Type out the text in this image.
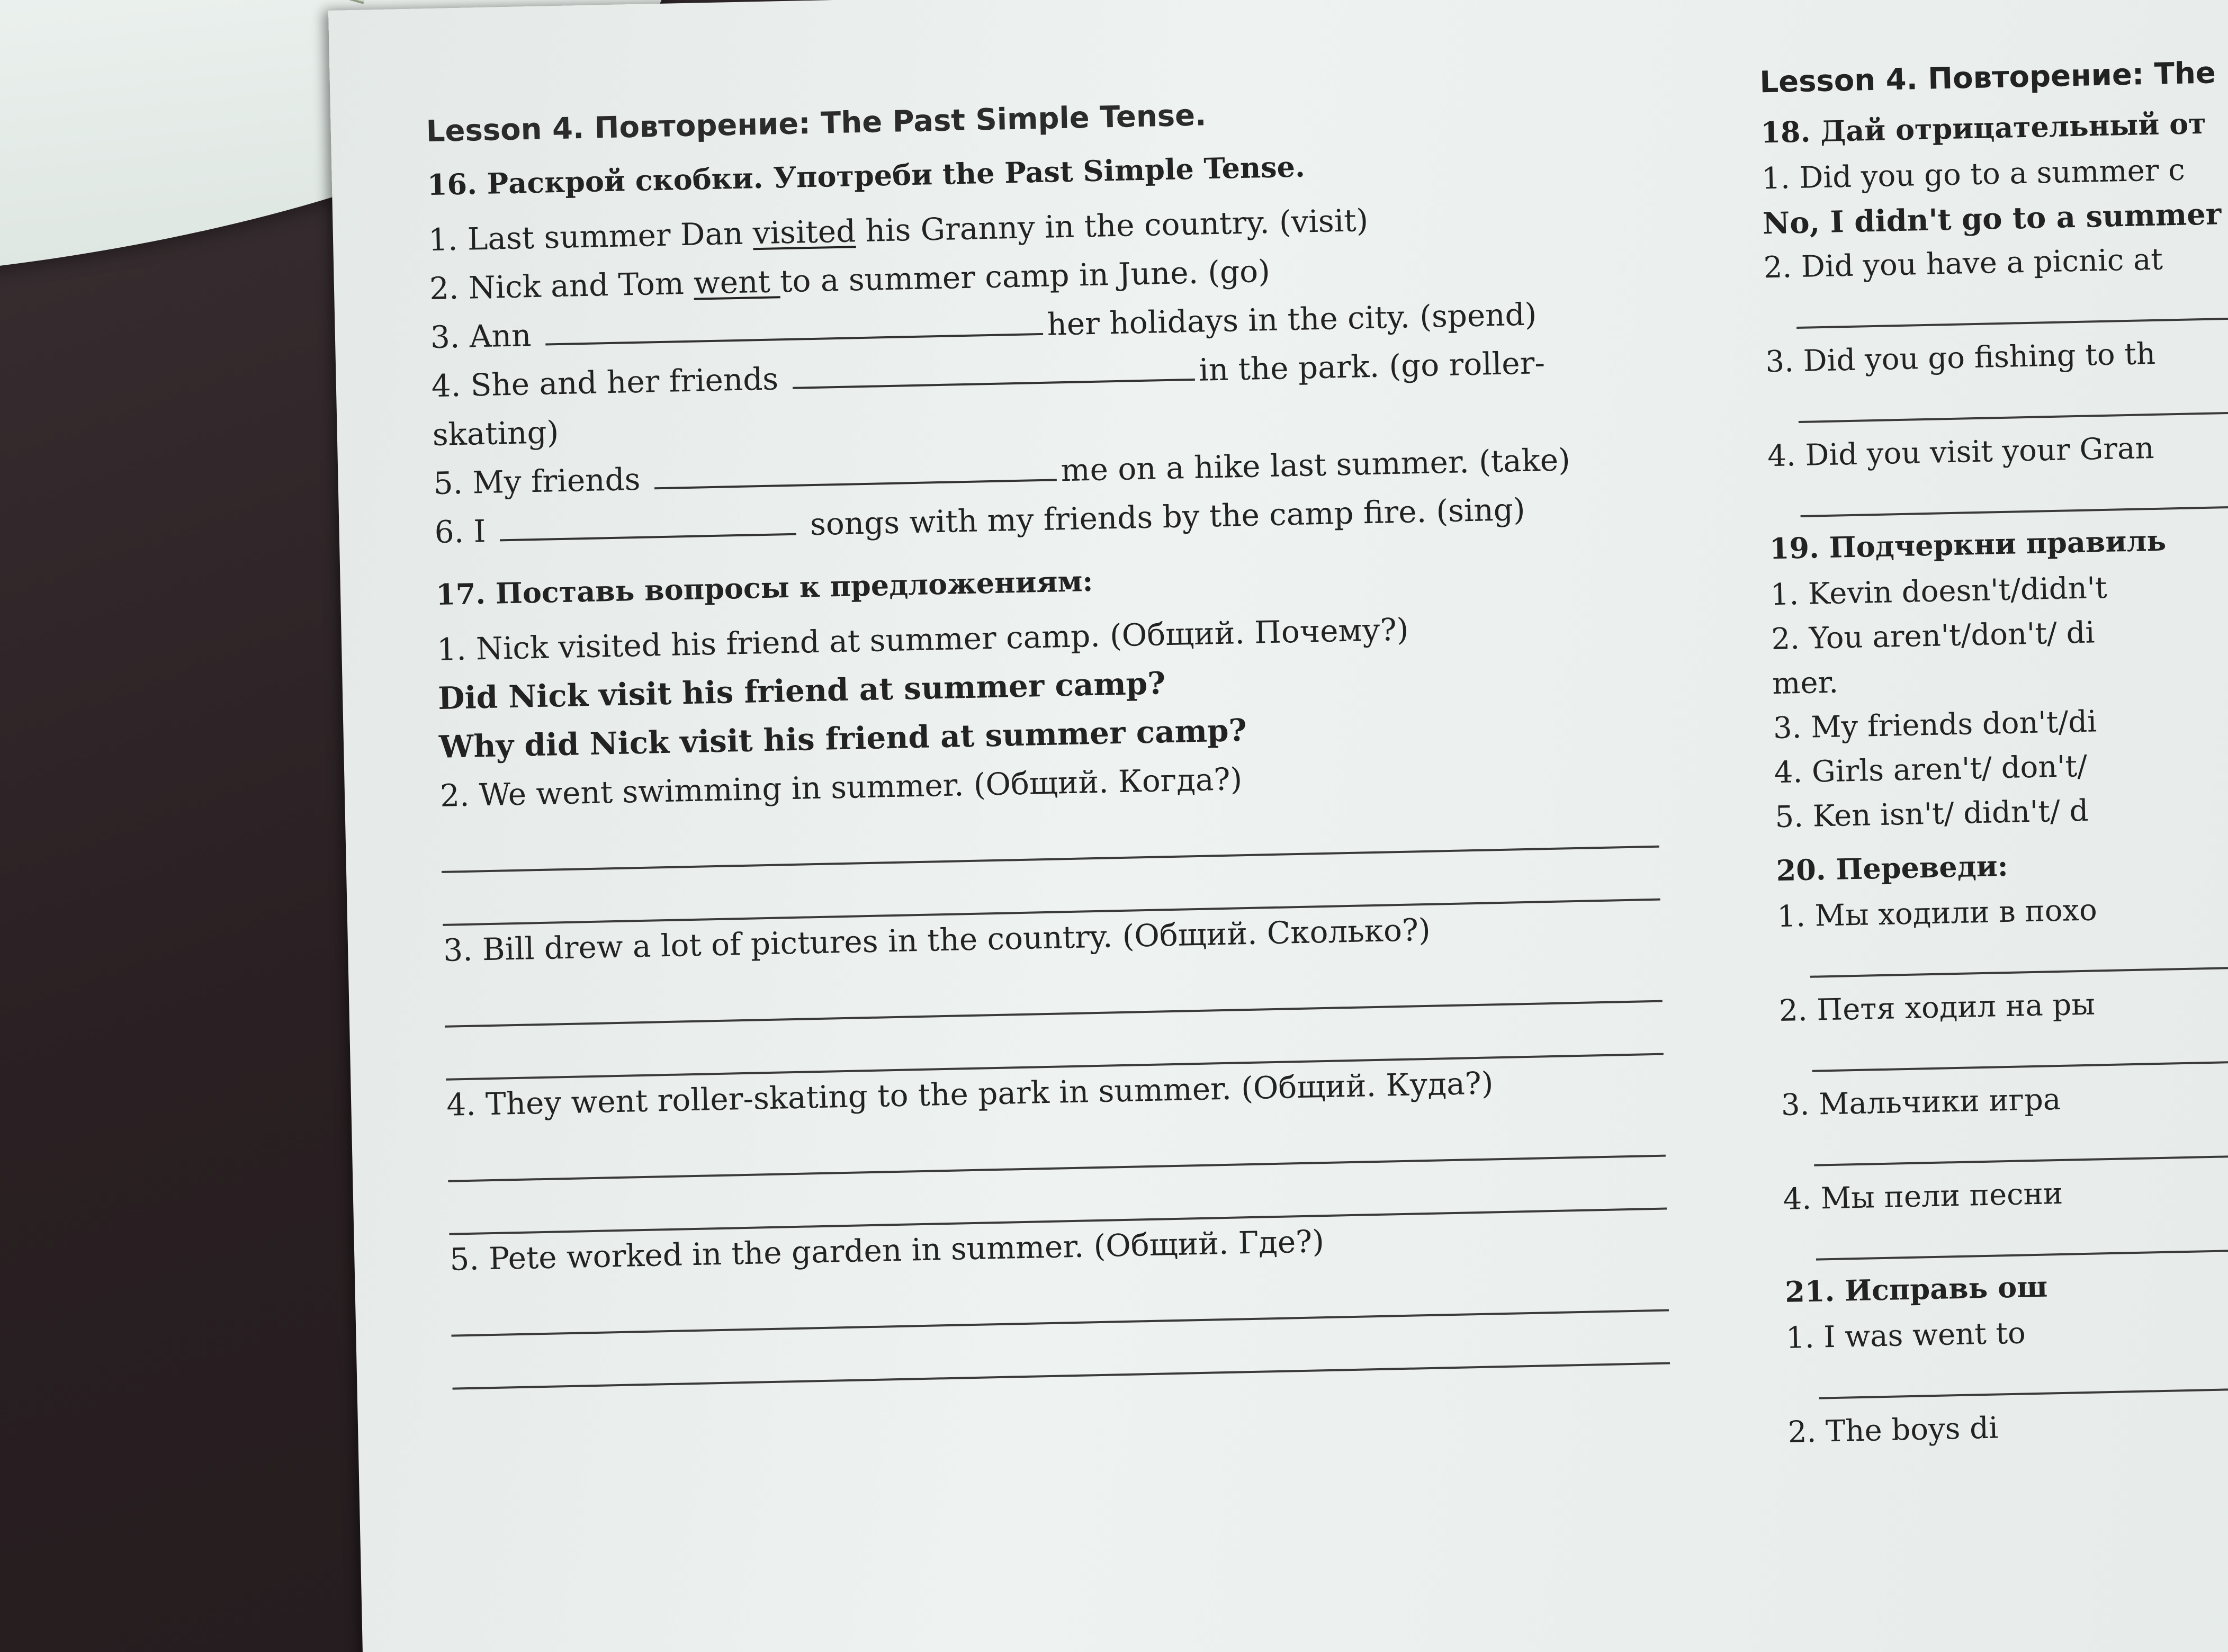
Lesson 4. Повторение: The Past Simple Tense.
16. Раскрой скобки. Употреби the Past Simple Tense.
1. Last summer Dan visited his Granny in the country. (visit)
2. Nick and Tom went to a summer camp in June. (go)
3. Ann	her holidays in the city. (spend)
4. She and her friends	in the park. (go roller-
skating)
5. My friends	me on a hike last summer. (take)
6. I	songs with my friends by the camp fire. (sing)
17. Поставь вопросы к предложениям:
1. Nick visited his friend at summer camp. (Общий. Почему?)
Did Nick visit his friend at summer camp?
Why did Nick visit his friend at summer camp?
2. We went swimming in summer. (Общий. Когда?)
3. Bill drew a lot of pictures in the country. (Общий. Сколько?)
4. They went roller-skating to the park in summer. (Общий. Куда?)
5. Pete worked in the garden in summer. (Общий. Где?)
Lesson 4. Повторение: The
18. Дай отрицательный от
1. Did you go to a summer c
No, I didn't go to a summer
2. Did you have a picnic at
3. Did you go fishing to th
4. Did you visit your Gran
19. Подчеркни правиль
1. Kevin doesn't/didn't
2. You aren't/don't/ di
mer.
3. My friends don't/di
4. Girls aren't/ don't/
5. Ken isn't/ didn't/ d
20. Переведи:
1. Мы ходили в похо
2. Петя ходил на ры
3. Мальчики игра
4. Мы пели песни
21. Исправь ош
1. I was went to
2. The boys di
